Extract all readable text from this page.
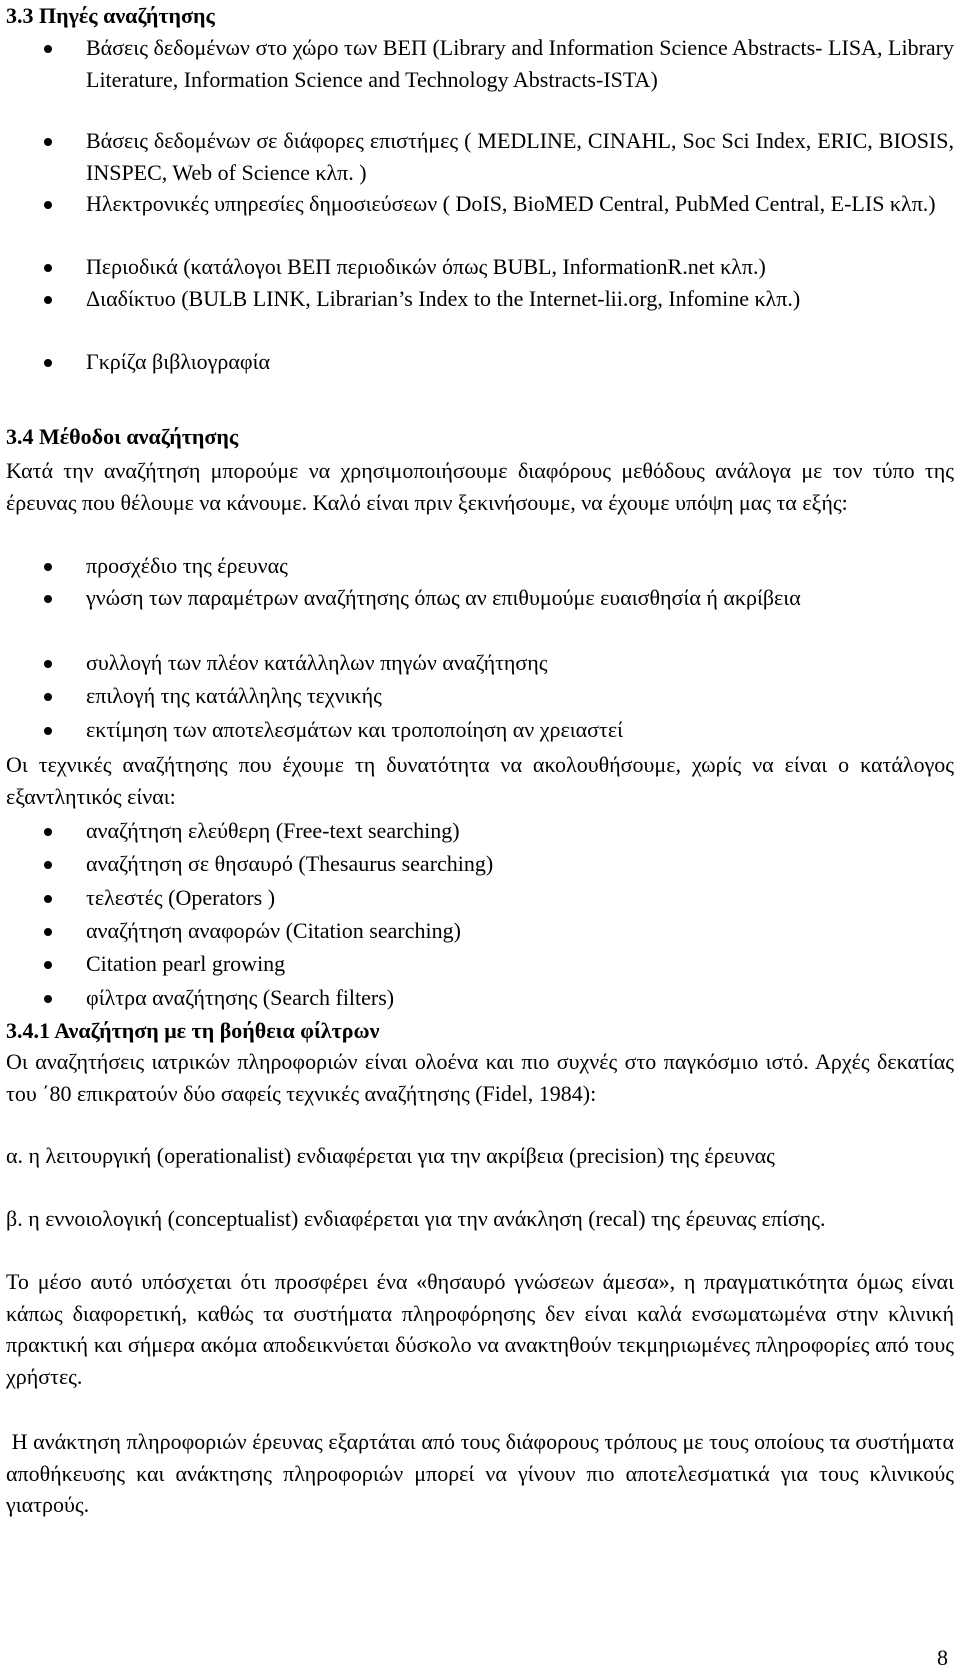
3.3 Πηγές αναζήτησης
Βάσεις δεδομένων στο χώρο των ΒΕΠ (Library and Information Science Abstracts- LISA, Library Literature, Information Science and Technology Abstracts-ISTA)
Βάσεις δεδομένων σε διάφορες επιστήμες ( MEDLINE, CINAHL, Soc Sci Index, ERIC, BIOSIS, INSPEC, Web of Science κλπ. )
Ηλεκτρονικές υπηρεσίες δημοσιεύσεων ( DoIS, BioMED Central, PubMed Central, E-LIS κλπ.)
Περιοδικά (κατάλογοι ΒΕΠ περιοδικών όπως BUBL, InformationR.net κλπ.)
Διαδίκτυο (BULB LINK, Librarian’s Index to the Internet-lii.org, Infomine κλπ.)
Γκρίζα βιβλιογραφία
3.4 Μέθοδοι αναζήτησης
Κατά την αναζήτηση μπορούμε να χρησιμοποιήσουμε διαφόρους μεθόδους ανάλογα με τον τύπο της έρευνας που θέλουμε να κάνουμε. Καλό είναι πριν ξεκινήσουμε, να έχουμε υπόψη μας τα εξής:
προσχέδιο της έρευνας
γνώση των παραμέτρων αναζήτησης όπως αν επιθυμούμε ευαισθησία ή ακρίβεια
συλλογή των πλέον κατάλληλων πηγών αναζήτησης
επιλογή της κατάλληλης τεχνικής
εκτίμηση των αποτελεσμάτων και τροποποίηση αν χρειαστεί
Οι τεχνικές αναζήτησης που έχουμε τη δυνατότητα να ακολουθήσουμε, χωρίς να είναι ο κατάλογος εξαντλητικός είναι:
αναζήτηση ελεύθερη (Free-text searching)
αναζήτηση σε θησαυρό (Thesaurus searching)
τελεστές (Operators )
αναζήτηση αναφορών (Citation searching)
Citation pearl growing
φίλτρα αναζήτησης (Search filters)
3.4.1 Αναζήτηση με τη βοήθεια φίλτρων
Οι αναζητήσεις ιατρικών πληροφοριών είναι ολοένα και πιο συχνές στο παγκόσμιο ιστό. Αρχές δεκατίας του ΄80 επικρατούν δύο σαφείς τεχνικές αναζήτησης (Fidel, 1984):
α. η λειτουργική (operationalist) ενδιαφέρεται για την ακρίβεια (precision) της έρευνας
β. η εννοιολογική (conceptualist) ενδιαφέρεται για την ανάκληση (recal) της έρευνας επίσης.
Το μέσο αυτό υπόσχεται ότι προσφέρει ένα «θησαυρό γνώσεων άμεσα», η πραγματικότητα όμως είναι κάπως διαφορετική, καθώς τα συστήματα πληροφόρησης δεν είναι καλά ενσωματωμένα στην κλινική πρακτική και σήμερα ακόμα αποδεικνύεται δύσκολο να ανακτηθούν τεκμηριωμένες πληροφορίες από τους χρήστες.
Η ανάκτηση πληροφοριών έρευνας εξαρτάται από τους διάφορους τρόπους με τους οποίους τα συστήματα αποθήκευσης και ανάκτησης πληροφοριών μπορεί να γίνουν πιο αποτελεσματικά για τους κλινικούς γιατρούς.
8
